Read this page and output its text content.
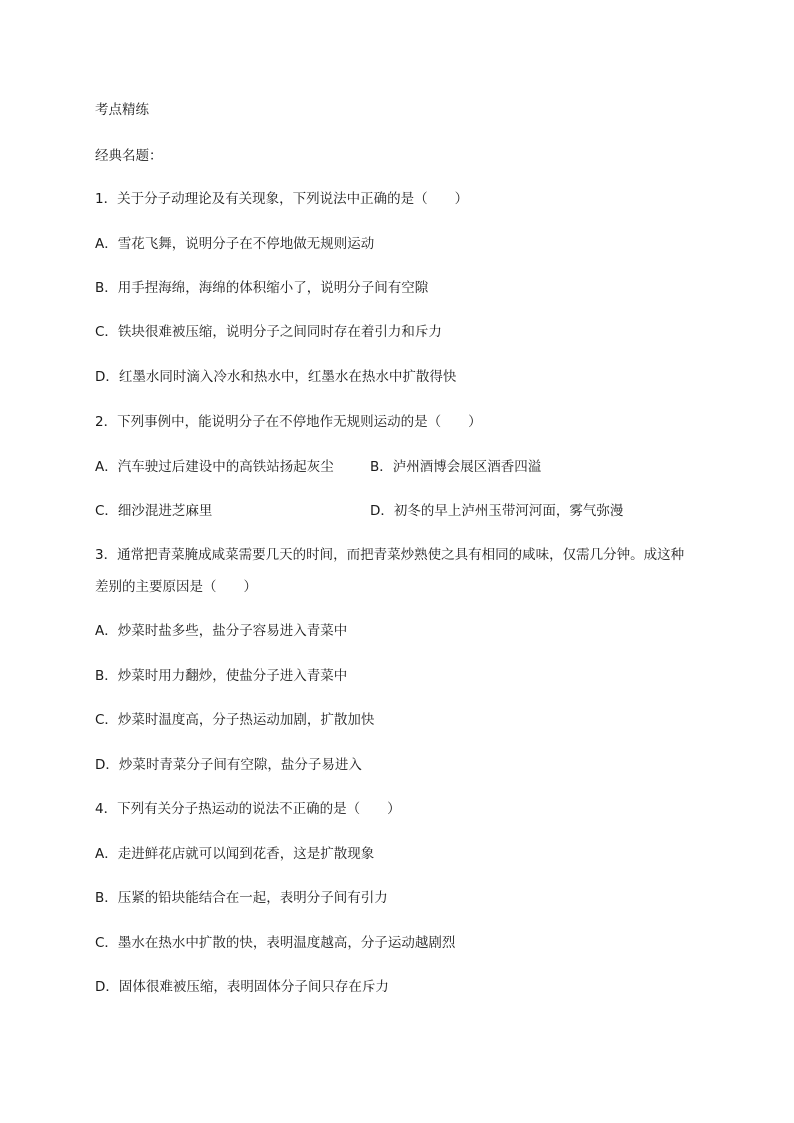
考点精练

经典名题：

1．关于分子动理论及有关现象，下列说法中正确的是（　　）

A．雪花飞舞，说明分子在不停地做无规则运动

B．用手捏海绵，海绵的体积缩小了，说明分子间有空隙

C．铁块很难被压缩，说明分子之间同时存在着引力和斥力

D．红墨水同时滴入冷水和热水中，红墨水在热水中扩散得快

2．下列事例中，能说明分子在不停地作无规则运动的是（　　）

A．汽车驶过后建设中的高铁站扬起灰尘	B．泸州酒博会展区酒香四溢
C．细沙混进芝麻里	D．初冬的早上泸州玉带河河面，雾气弥漫

3．通常把青菜腌成咸菜需要几天的时间，而把青菜炒熟使之具有相同的咸味，仅需几分钟。成这种

差别的主要原因是（　　）

A．炒菜时盐多些，盐分子容易进入青菜中

B．炒菜时用力翻炒，使盐分子进入青菜中

C．炒菜时温度高，分子热运动加剧，扩散加快

D．炒菜时青菜分子间有空隙，盐分子易进入

4．下列有关分子热运动的说法不正确的是（　　）

A．走进鲜花店就可以闻到花香，这是扩散现象

B．压紧的铅块能结合在一起，表明分子间有引力

C．墨水在热水中扩散的快，表明温度越高，分子运动越剧烈

D．固体很难被压缩，表明固体分子间只存在斥力
